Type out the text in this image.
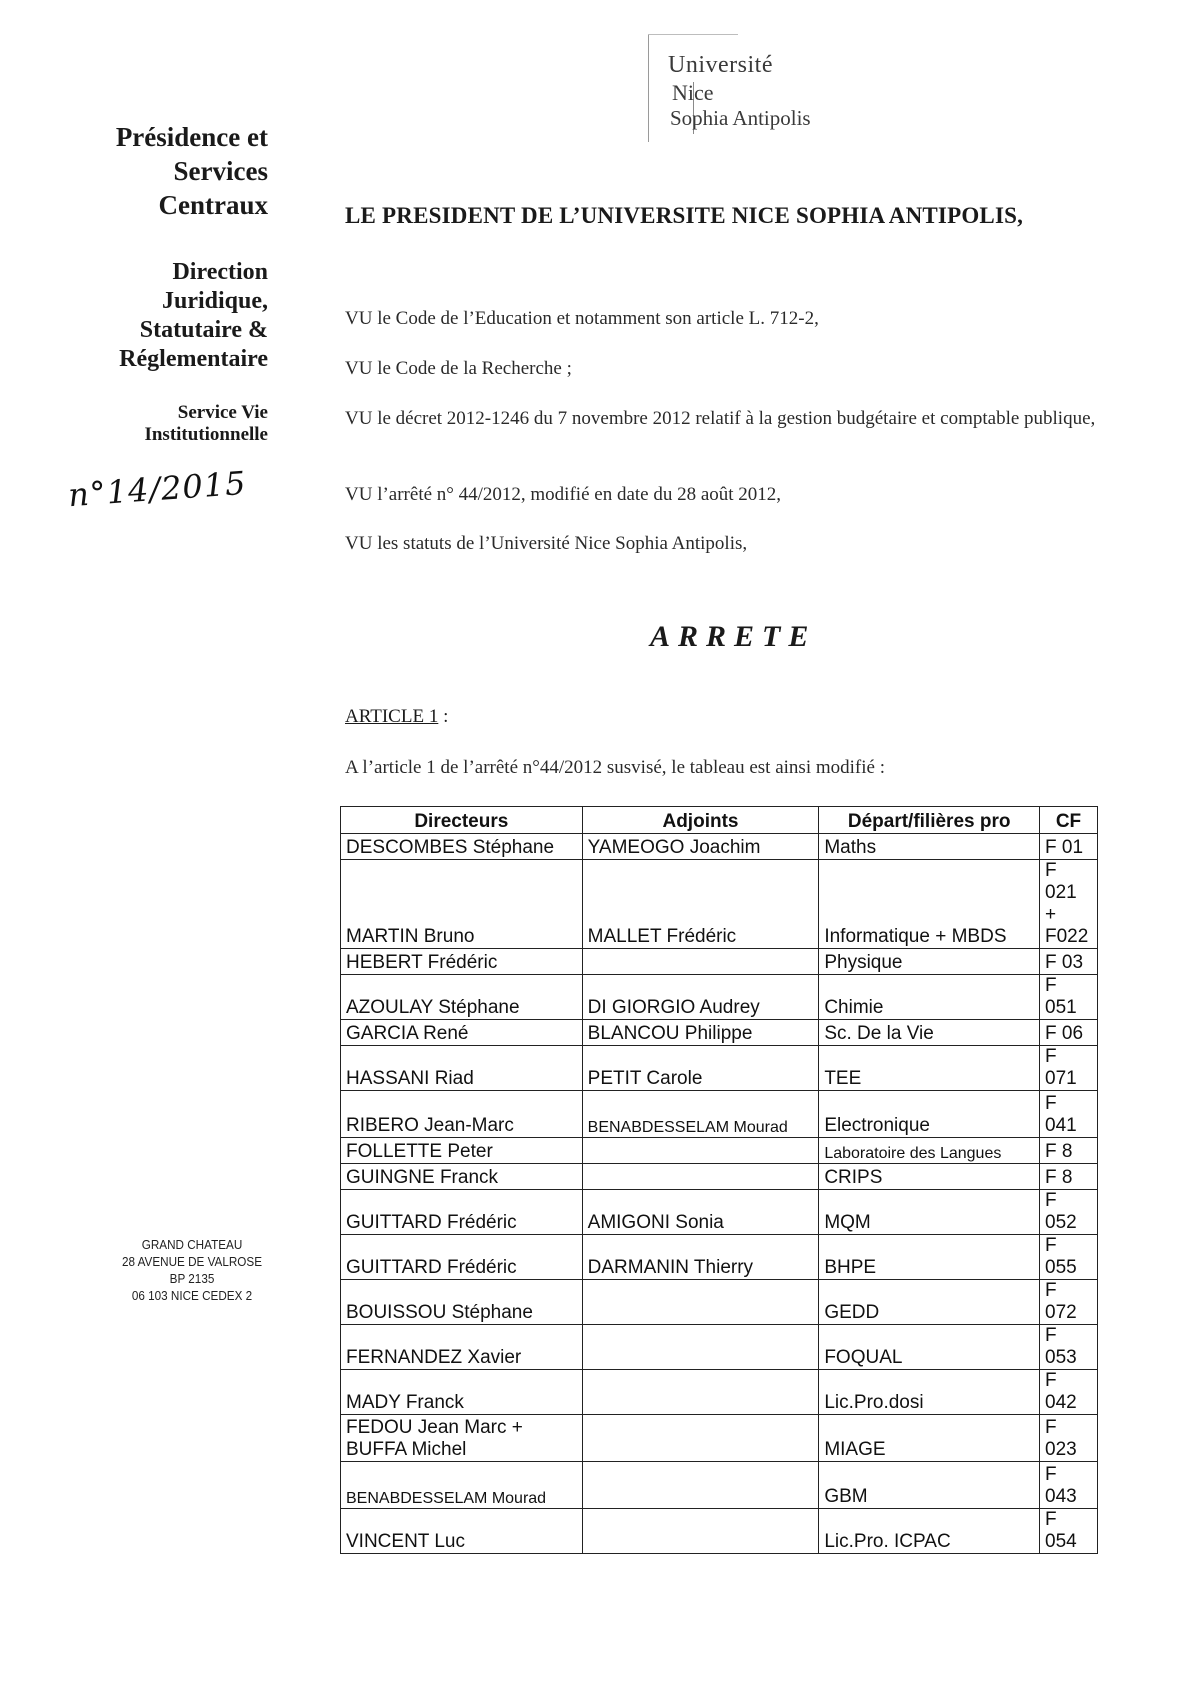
Université
Nice
Sophia Antipolis
Présidence et
Services
Centraux
Direction
Juridique,
Statutaire &
Réglementaire
Service Vie
Institutionnelle
n°14/2015
GRAND CHATEAU
28 AVENUE DE VALROSE
BP 2135
06 103 NICE CEDEX 2
LE PRESIDENT DE L’UNIVERSITE NICE SOPHIA ANTIPOLIS,
VU le Code de l’Education et notamment son article L. 712-2,
VU le Code de la Recherche ;
VU le décret 2012-1246 du 7 novembre 2012 relatif à la gestion budgétaire et comptable publique,
VU l’arrêté n° 44/2012, modifié en date du 28 août 2012,
VU les statuts de l’Université Nice Sophia Antipolis,
ARRETE
ARTICLE 1 :
A l’article 1 de l’arrêté n°44/2012 susvisé, le tableau est ainsi modifié :
Directeurs	Adjoints	Départ/filières pro	CF
DESCOMBES Stéphane	YAMEOGO Joachim	Maths	F 01
MARTIN Bruno	MALLET Frédéric	Informatique + MBDS	F 021 + F022
HEBERT Frédéric		Physique	F 03
AZOULAY Stéphane	DI GIORGIO Audrey	Chimie	F 051
GARCIA René	BLANCOU Philippe	Sc. De la Vie	F 06
HASSANI Riad	PETIT Carole	TEE	F 071
RIBERO Jean-Marc	BENABDESSELAM Mourad	Electronique	F 041
FOLLETTE Peter		Laboratoire des Langues	F 8
GUINGNE Franck		CRIPS	F 8
GUITTARD Frédéric	AMIGONI Sonia	MQM	F 052
GUITTARD Frédéric	DARMANIN Thierry	BHPE	F 055
BOUISSOU Stéphane		GEDD	F 072
FERNANDEZ Xavier		FOQUAL	F 053
MADY Franck		Lic.Pro.dosi	F 042
FEDOU Jean Marc + BUFFA Michel		MIAGE	F 023

BENABDESSELAM Mourad		GBM	F 043
VINCENT Luc		Lic.Pro. ICPAC	F 054
